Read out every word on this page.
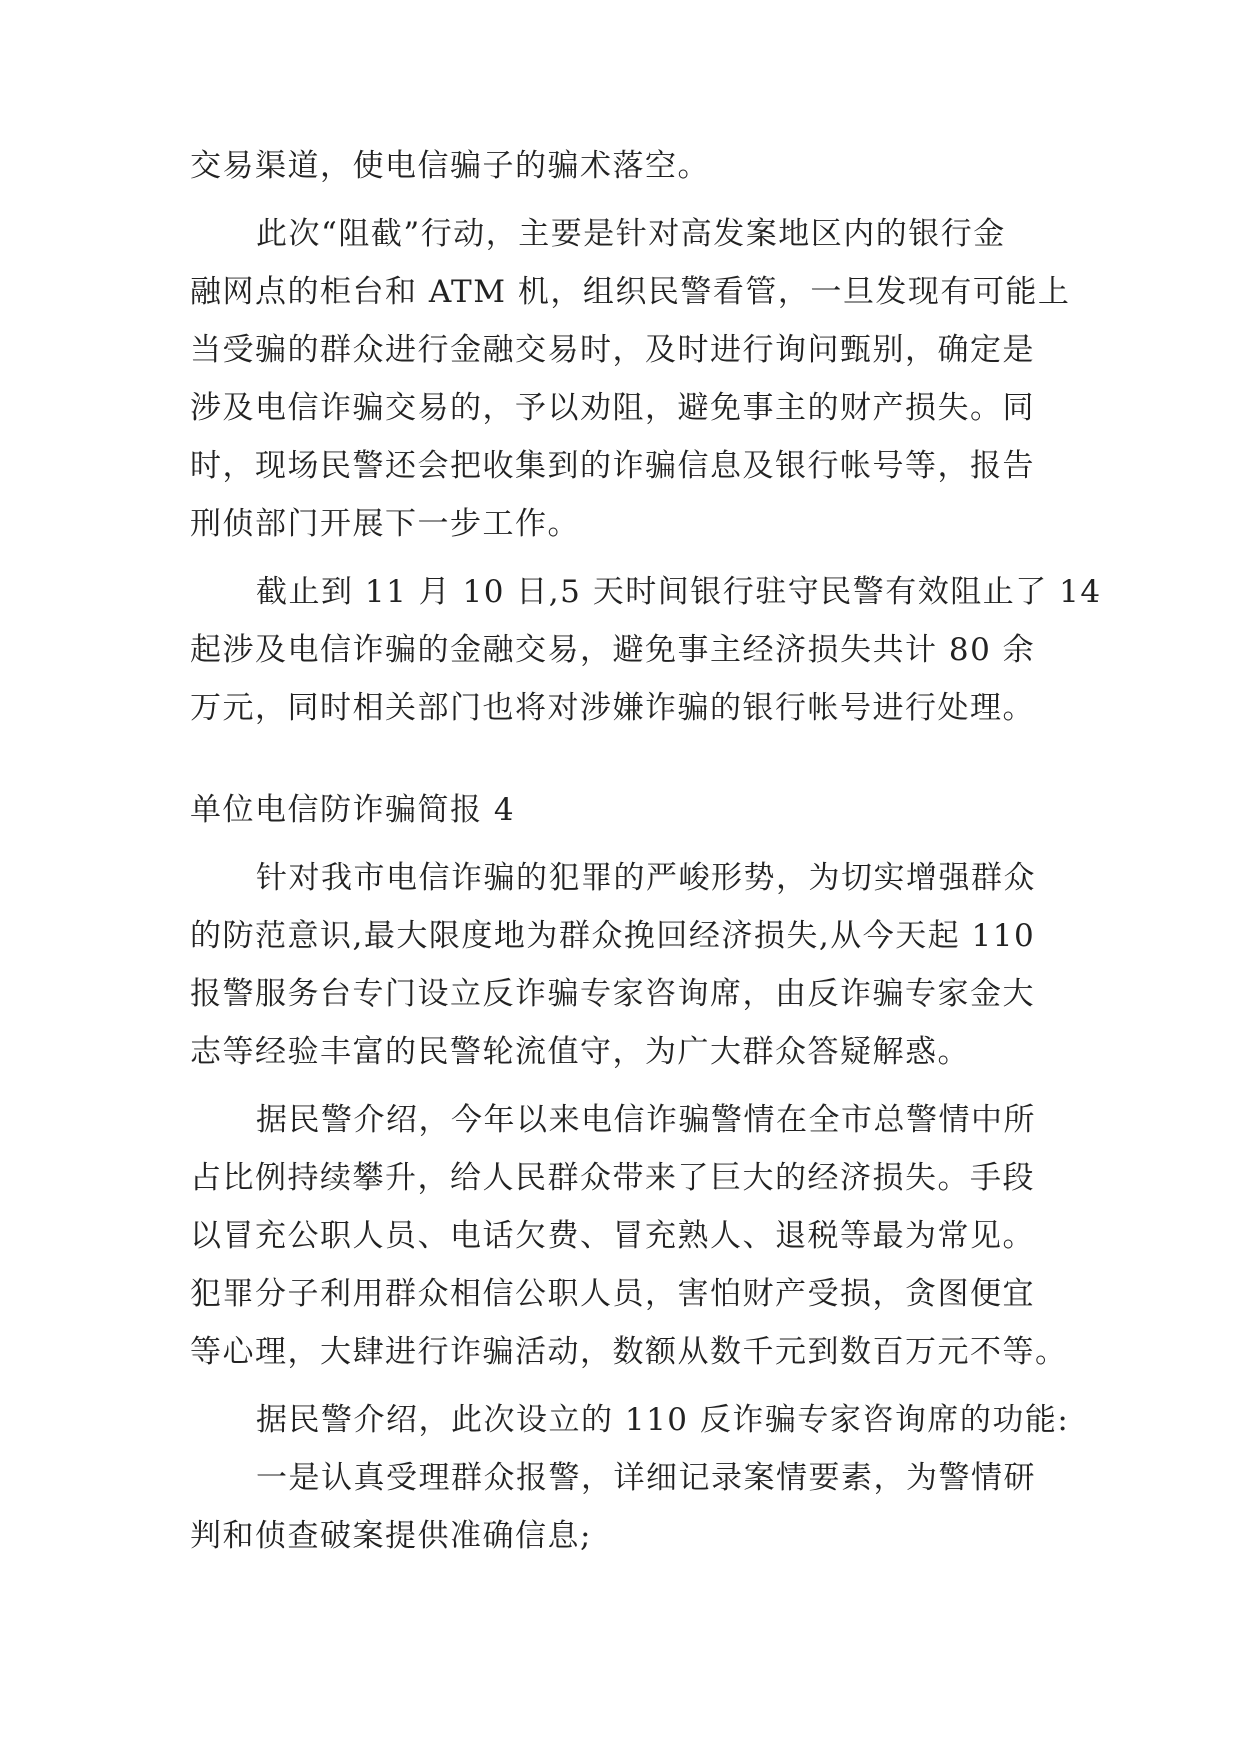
交易渠道，使电信骗子的骗术落空。
此次“阻截”行动，主要是针对高发案地区内的银行金
融网点的柜台和 ATM 机，组织民警看管，一旦发现有可能上
当受骗的群众进行金融交易时，及时进行询问甄别，确定是
涉及电信诈骗交易的，予以劝阻，避免事主的财产损失。同
时，现场民警还会把收集到的诈骗信息及银行帐号等，报告
刑侦部门开展下一步工作。
截止到 11 月 10 日,5 天时间银行驻守民警有效阻止了 14
起涉及电信诈骗的金融交易，避免事主经济损失共计 80 余
万元，同时相关部门也将对涉嫌诈骗的银行帐号进行处理。
单位电信防诈骗简报 4
针对我市电信诈骗的犯罪的严峻形势，为切实增强群众
的防范意识,最大限度地为群众挽回经济损失,从今天起 110
报警服务台专门设立反诈骗专家咨询席，由反诈骗专家金大
志等经验丰富的民警轮流值守，为广大群众答疑解惑。
据民警介绍，今年以来电信诈骗警情在全市总警情中所
占比例持续攀升，给人民群众带来了巨大的经济损失。手段
以冒充公职人员、电话欠费、冒充熟人、退税等最为常见。
犯罪分子利用群众相信公职人员，害怕财产受损，贪图便宜
等心理，大肆进行诈骗活动，数额从数千元到数百万元不等。
据民警介绍，此次设立的 110 反诈骗专家咨询席的功能:
一是认真受理群众报警，详细记录案情要素，为警情研
判和侦查破案提供准确信息;
